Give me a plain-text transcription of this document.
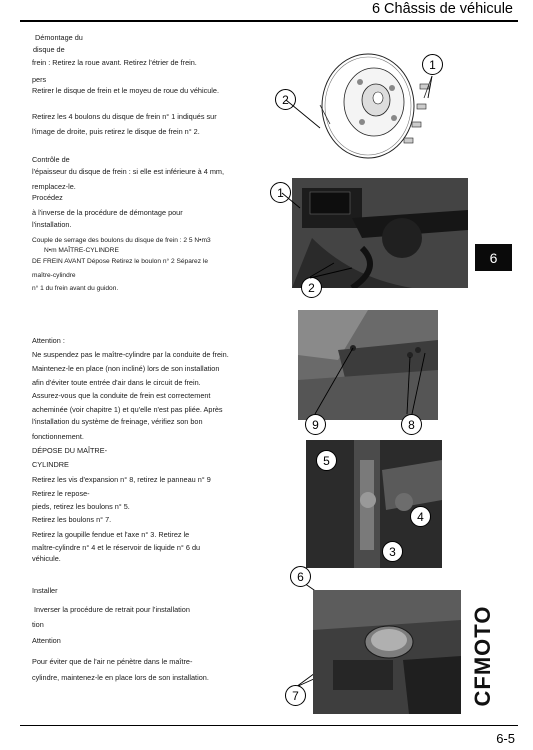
6 Châssis de véhicule
6
6-5
Démontage du
disque de
frein : Retirez la roue avant. Retirez l'étrier de frein.
pers
Retirer le disque de frein et le moyeu de roue du véhicule.
Retirez les 4 boulons du disque de frein n° 1 indiqués sur
l'image de droite, puis retirez le disque de frein n° 2.
Contrôle de
l'épaisseur du disque de frein : si elle est inférieure à 4 mm,
remplacez-le.
Procédez
à l'inverse de la procédure de démontage pour
l'installation.
Couple de serrage des boulons du disque de frein : 2 5 N•m3
N•m MAÎTRE-CYLINDRE
DE FREIN AVANT Dépose Retirez le boulon n° 2 Séparez le
maître-cylindre
n° 1 du frein avant du guidon.
Attention :
Ne suspendez pas le maître-cylindre par la conduite de frein.
Maintenez-le en place (non incliné) lors de son installation
afin d'éviter toute entrée d'air dans le circuit de frein.
Assurez-vous que la conduite de frein est correctement
acheminée (voir chapitre 1) et qu'elle n'est pas pliée. Après
l'installation du système de freinage, vérifiez son bon
fonctionnement.
DÉPOSE DU MAÎTRE-
CYLINDRE
Retirez les vis d'expansion n° 8, retirez le panneau n° 9
Retirez le repose-
pieds, retirez les boulons n° 5.
Retirez les boulons n° 7.
Retirez la goupille fendue et l'axe n° 3. Retirez le
maître-cylindre n° 4 et le réservoir de liquide n° 6 du
véhicule.
Installer
Inverser la procédure de retrait pour l'installation
tion
Attention
Pour éviter que de l'air ne pénètre dans le maître-
cylindre, maintenez-le en place lors de son installation.
1
2
1
2
9	8
5
4
3
6
7	CFMOTO
